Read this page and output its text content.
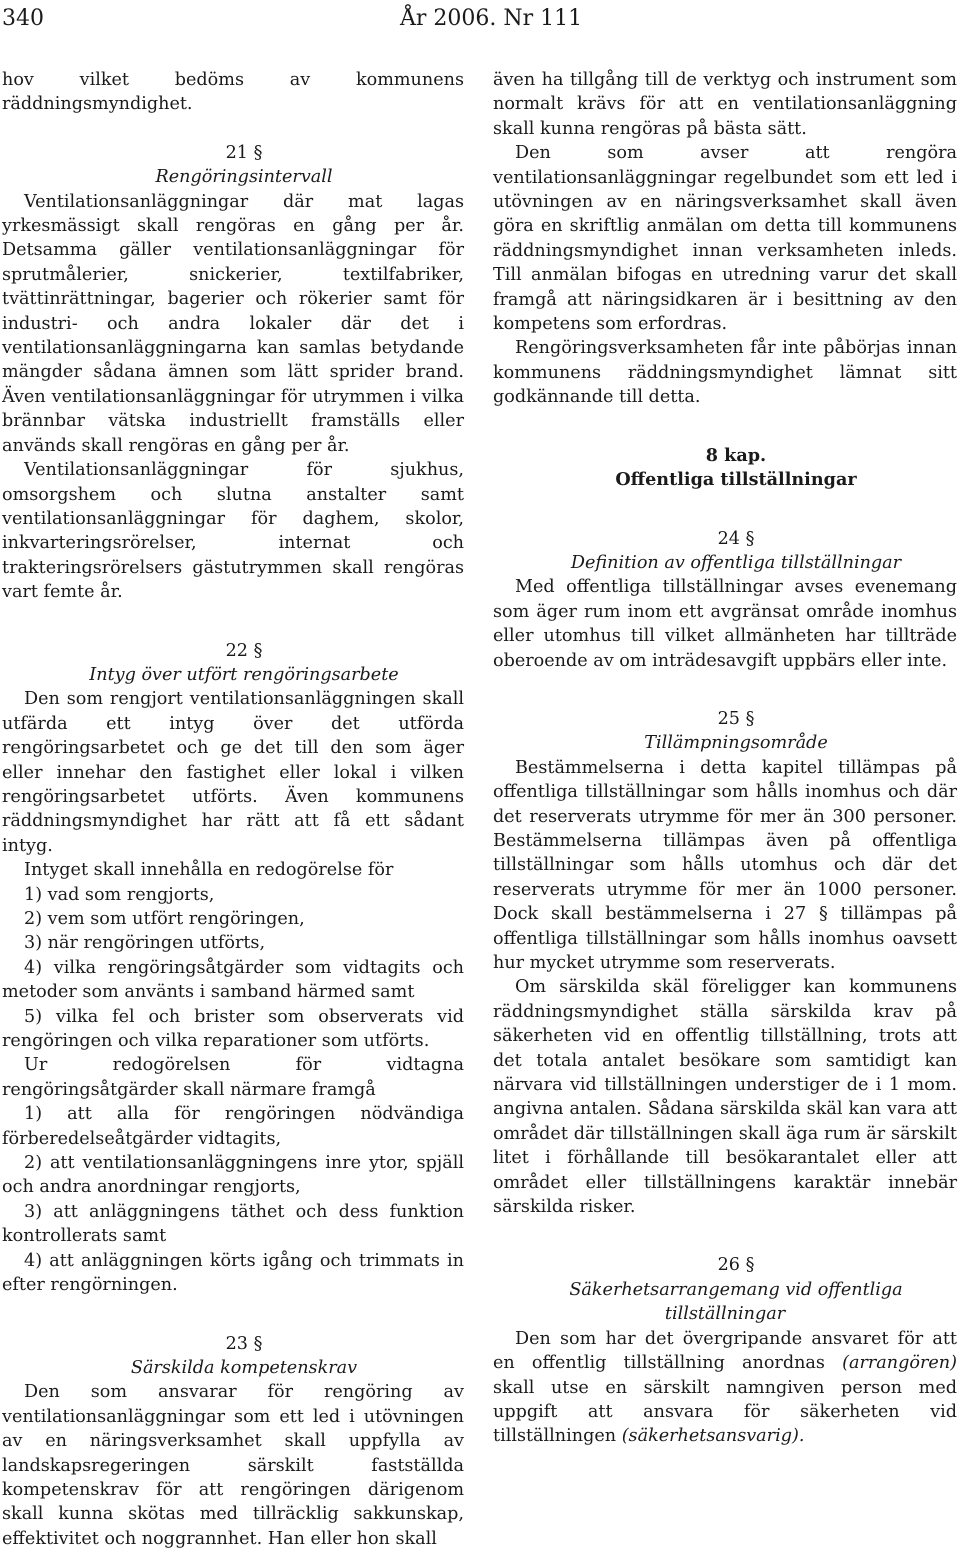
340	År 2006. Nr 111

hov vilket bedöms av kommunens räddningsmyndighet.

21 §

Rengöringsintervall

Ventilationsanläggningar där mat lagas yrkesmässigt skall rengöras en gång per år. Detsamma gäller ventilationsanläggningar för sprutmålerier, snickerier, textilfabriker, tvättinrättningar, bagerier och rökerier samt för industri- och andra lokaler där det i ventilationsanläggningarna kan samlas betydande mängder sådana ämnen som lätt sprider brand. Även ventilationsanläggningar för utrymmen i vilka brännbar vätska industriellt framställs eller används skall rengöras en gång per år.

Ventilationsanläggningar för sjukhus, omsorgshem och slutna anstalter samt ventilationsanläggningar för daghem, skolor, inkvarteringsrörelser, internat och trakteringsrörelsers gästutrymmen skall rengöras vart femte år.

22 §

Intyg över utfört rengöringsarbete

Den som rengjort ventilationsanläggningen skall utfärda ett intyg över det utförda rengöringsarbetet och ge det till den som äger eller innehar den fastighet eller lokal i vilken rengöringsarbetet utförts. Även kommunens räddningsmyndighet har rätt att få ett sådant intyg.

Intyget skall innehålla en redogörelse för

1) vad som rengjorts,

2) vem som utfört rengöringen,

3) när rengöringen utförts,

4) vilka rengöringsåtgärder som vidtagits och metoder som använts i samband härmed samt

5) vilka fel och brister som observerats vid rengöringen och vilka reparationer som utförts.

Ur redogörelsen för vidtagna rengöringsåtgärder skall närmare framgå

1) att alla för rengöringen nödvändiga förberedelseåtgärder vidtagits,

2) att ventilationsanläggningens inre ytor, spjäll och andra anordningar rengjorts,

3) att anläggningens täthet och dess funktion kontrollerats samt

4) att anläggningen körts igång och trimmats in efter rengörningen.

23 §

Särskilda kompetenskrav

Den som ansvarar för rengöring av ventilationsanläggningar som ett led i utövningen av en näringsverksamhet skall uppfylla av landskapsregeringen särskilt fastställda kompetenskrav för att rengöringen därigenom skall kunna skötas med tillräcklig sakkunskap, effektivitet och noggrannhet. Han eller hon skall

även ha tillgång till de verktyg och instrument som normalt krävs för att en ventilationsanläggning skall kunna rengöras på bästa sätt.

Den som avser att rengöra ventilationsanläggningar regelbundet som ett led i utövningen av en näringsverksamhet skall även göra en skriftlig anmälan om detta till kommunens räddningsmyndighet innan verksamheten inleds. Till anmälan bifogas en utredning varur det skall framgå att näringsidkaren är i besittning av den kompetens som erfordras.

Rengöringsverksamheten får inte påbörjas innan kommunens räddningsmyndighet lämnat sitt godkännande till detta.

8 kap.

Offentliga tillställningar

24 §

Definition av offentliga tillställningar

Med offentliga tillställningar avses evenemang som äger rum inom ett avgränsat område inomhus eller utomhus till vilket allmänheten har tillträde oberoende av om inträdesavgift uppbärs eller inte.

25 §

Tillämpningsområde

Bestämmelserna i detta kapitel tillämpas på offentliga tillställningar som hålls inomhus och där det reserverats utrymme för mer än 300 personer. Bestämmelserna tillämpas även på offentliga tillställningar som hålls utomhus och där det reserverats utrymme för mer än 1000 personer. Dock skall bestämmelserna i 27 § tillämpas på offentliga tillställningar som hålls inomhus oavsett hur mycket utrymme som reserverats.

Om särskilda skäl föreligger kan kommunens räddningsmyndighet ställa särskilda krav på säkerheten vid en offentlig tillställning, trots att det totala antalet besökare som samtidigt kan närvara vid tillställningen understiger de i 1 mom. angivna antalen. Sådana särskilda skäl kan vara att området där tillställningen skall äga rum är särskilt litet i förhållande till besökarantalet eller att området eller tillställningens karaktär innebär särskilda risker.

26 §

Säkerhetsarrangemang vid offentliga tillställningar

Den som har det övergripande ansvaret för att en offentlig tillställning anordnas (arrangören) skall utse en särskilt namngiven person med uppgift att ansvara för säkerheten vid tillställningen (säkerhetsansvarig).
